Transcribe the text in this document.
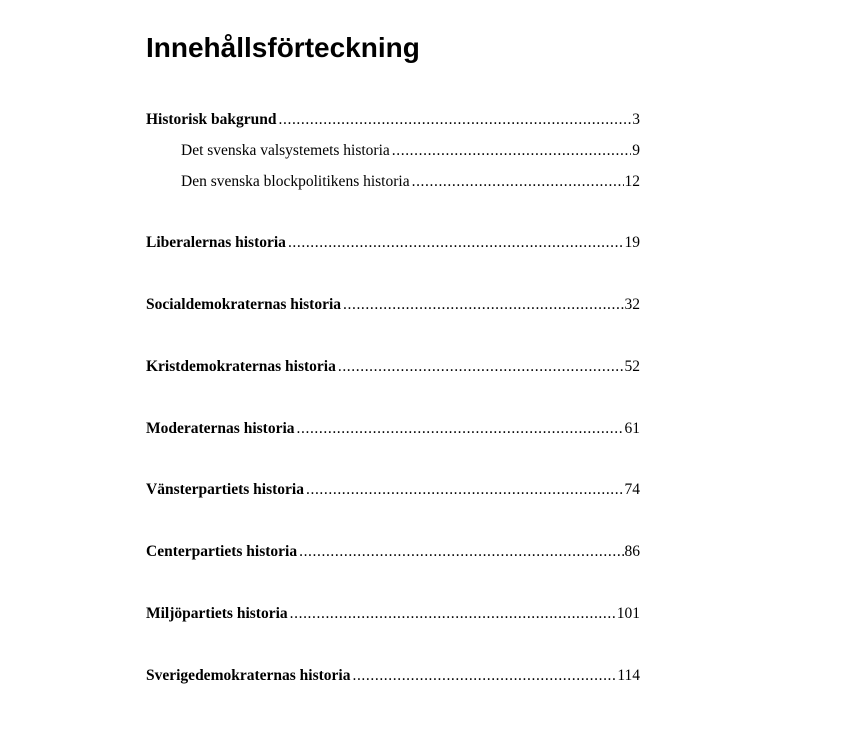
Innehållsförteckning
Historisk bakgrund .....	3
Det svenska valsystemets historia .....	9
Den svenska blockpolitikens historia .....	12
Liberalernas historia .....	19
Socialdemokraternas historia .....	32
Kristdemokraternas historia .....	52
Moderaternas historia .....	61
Vänsterpartiets historia .....	74
Centerpartiets historia .....	86
Miljöpartiets historia .....	101
Sverigedemokraternas historia .....	114
